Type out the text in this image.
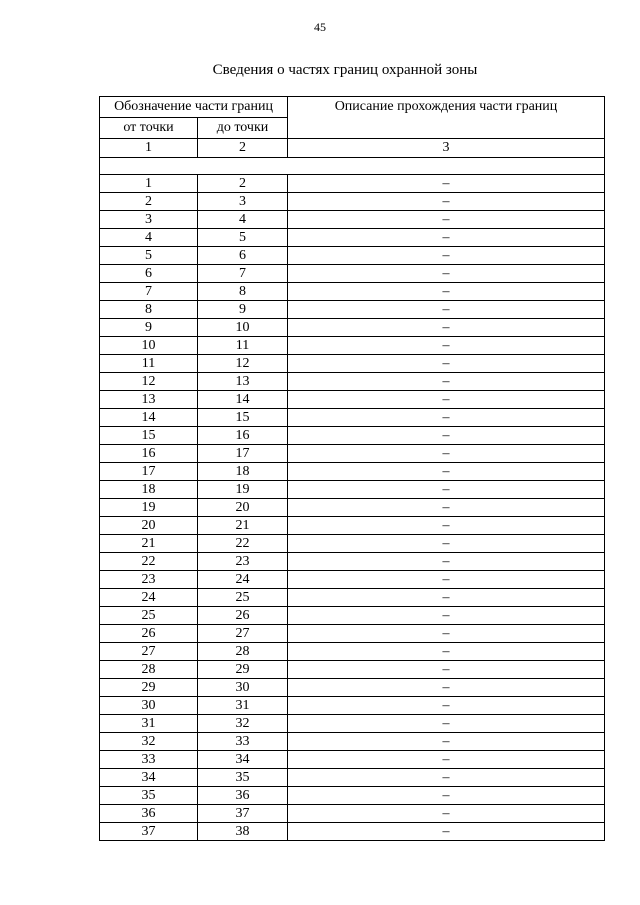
45
Сведения о частях границ охранной зоны
Обозначение части границ		Описание прохождения части границ
от точки	до точки	
1	2	3

1	2	–
2	3	–
3	4	–
4	5	–
5	6	–
6	7	–
7	8	–
8	9	–
9	10	–
10	11	–
11	12	–
12	13	–
13	14	–
14	15	–
15	16	–
16	17	–
17	18	–
18	19	–
19	20	–
20	21	–
21	22	–
22	23	–
23	24	–
24	25	–
25	26	–
26	27	–
27	28	–
28	29	–
29	30	–
30	31	–
31	32	–
32	33	–
33	34	–
34	35	–
35	36	–
36	37	–
37	38	–
